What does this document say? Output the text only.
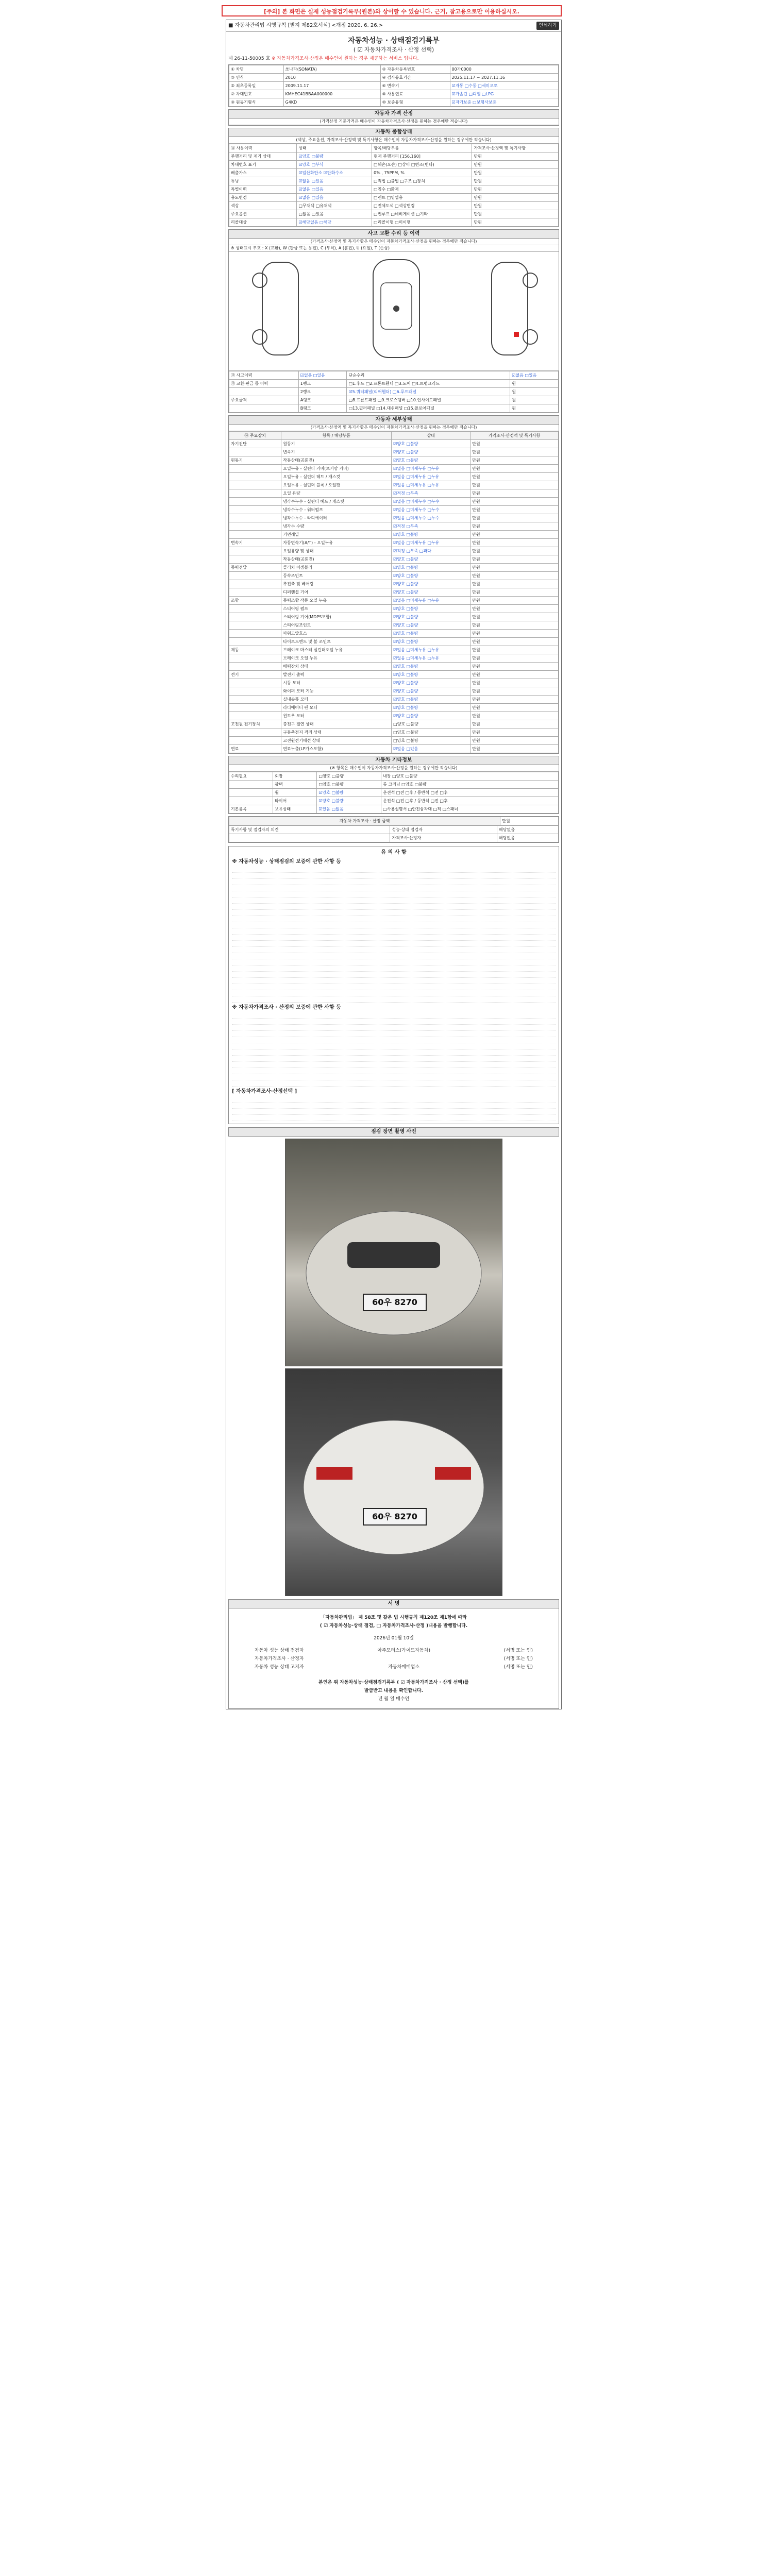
[주의] 본 화면은 실제 성능점검기록부(원본)와 상이할 수 있습니다. 근거, 참고용으로만 이용하십시오.
■ 자동차관리법 시행규칙 [별지 제82호서식] <개정 2020. 6. 26.>	인쇄하기
자동차성능 · 상태점검기록부
( ☑ 자동차가격조사 · 산정 선택)
제 26-11-50005 호 ※ 자동차가격조사·산정은 매수인이 원하는 경우 제공하는 서비스 입니다.
① 차명	쏘나타(SONATA)	② 자동차등록번호	00가0000
③ 연식	2010	④ 검사유효기간	2025.11.17 ~ 2027.11.16
⑤ 최초등록일	2009.11.17	⑥ 변속기	☑자동 □수동 □세미오토
⑦ 차대번호	KMHEC41BBAA000000	⑧ 사용연료	☑가솔린 □디젤 □LPG
⑨ 원동기형식	G4KD	⑩ 보증유형	☑자가보증 □보험사보증
자동차 가격 산정
(가격산정 기준가격은 매수인이 자동차가격조사·산정을 원하는 경우에만 적습니다)
자동차 종합상태
(색상, 주요옵션, 가격조사·산정액 및 특기사항은 매수인이 자동차가격조사·산정을 원하는 경우에만 적습니다)
⑪ 사용이력	상태	항목/해당부품	가격조사·산정액 및 특기사항
주행거리 및 계기 상태	☑양호 □불량	현재 주행거리 [156,160]	만원
차대번호 표기	☑양호 □부식	□훼손(오손) □상이 □변조(변타)	만원
배출가스	☑일산화탄소 ☑탄화수소	0% , 75PPM, %	만원
튜닝	☑없음 □있음	□적법 □불법 □구조 □장치	만원
특별이력	☑없음 □있음	□침수 □화재	만원
용도변경	☑없음 □있음	□렌트 □영업용	만원
색상	□무채색 □유채색	□전체도색 □색상변경	만원
주요옵션	□없음 □있음	□썬루프 □네비게이션 □기타	만원
리콜대상	☑해당없음 □해당	□리콜이행 □미이행	만원
사고 교환 수리 등 이력
(가격조사·산정액 및 특기사항은 매수인이 자동차가격조사·산정을 원하는 경우에만 적습니다)
※ 상태표시 부호 : X (교환), W (판금 또는 용접), C (부식), A (흠집), U (요철), T (손상)
⑫ 사고이력	☑없음 □있음	단순수리	☑없음 □있음
⑬ 교환·판금 등 이력	1랭크	□1.후드 □2.프론트휀더 □3.도어 □4.트렁크리드	원
	2랭크	☑5.쿼터패널(리어휀더) □6.루프패널	원
주요골격	A랭크	□8.프론트패널 □9.크로스멤버 □10.인사이드패널	원
	B랭크	□13.필러패널 □14.대쉬패널 □15.플로어패널	원
자동차 세부상태
(가격조사·산정액 및 특기사항은 매수인이 자동차가격조사·산정을 원하는 경우에만 적습니다)
⑭ 주요장치	항목 / 해당부품	상태	가격조사·산정액 및 특기사항
자기진단	원동기	☑양호 □불량	만원
	변속기	☑양호 □불량	만원
원동기	작동상태(공회전)	☑양호 □불량	만원
	오일누유 - 실린더 커버(로커암 커버)	☑없음 □미세누유 □누유	만원
	오일누유 - 실린더 헤드 / 개스킷	☑없음 □미세누유 □누유	만원
	오일누유 - 실린더 블록 / 오일팬	☑없음 □미세누유 □누유	만원
	오일 유량	☑적정 □부족	만원
	냉각수누수 - 실린더 헤드 / 개스킷	☑없음 □미세누수 □누수	만원
	냉각수누수 - 워터펌프	☑없음 □미세누수 □누수	만원
	냉각수누수 - 라디에이터	☑없음 □미세누수 □누수	만원
	냉각수 수량	☑적정 □부족	만원
	커먼레일	☑양호 □불량	만원
변속기	자동변속기(A/T) - 오일누유	☑없음 □미세누유 □누유	만원
	오일유량 및 상태	☑적정 □부족 □과다	만원
	작동상태(공회전)	☑양호 □불량	만원
동력전달	클러치 어셈블리	☑양호 □불량	만원
	등속조인트	☑양호 □불량	만원
	추진축 및 베어링	☑양호 □불량	만원
	디퍼렌셜 기어	☑양호 □불량	만원
조향	동력조향 작동 오일 누유	☑없음 □미세누유 □누유	만원
	스티어링 펌프	☑양호 □불량	만원
	스티어링 기어(MDPS포함)	☑양호 □불량	만원
	스티어링조인트	☑양호 □불량	만원
	파워고압호스	☑양호 □불량	만원
	타이로드엔드 및 볼 조인트	☑양호 □불량	만원
제동	브레이크 마스터 실린더오일 누유	☑없음 □미세누유 □누유	만원
	브레이크 오일 누유	☑없음 □미세누유 □누유	만원
	배력장치 상태	☑양호 □불량	만원
전기	발전기 출력	☑양호 □불량	만원
	시동 모터	☑양호 □불량	만원
	와이퍼 모터 기능	☑양호 □불량	만원
	실내송풍 모터	☑양호 □불량	만원
	라디에이터 팬 모터	☑양호 □불량	만원
	윈도우 모터	☑양호 □불량	만원
고전원 전기장치	충전구 절연 상태	□양호 □불량	만원
	구동축전지 격리 상태	□양호 □불량	만원
	고전원전기배선 상태	□양호 □불량	만원
연료	연료누출(LP가스포함)	☑없음 □있음	만원
자동차 기타정보
(※ 항목은 매수인이 자동차가격조사·산정을 원하는 경우에만 적습니다)
수리필요	외장	□양호 □불량	내장 □양호 □불량
	광택	□양호 □불량	룸 크리닝 □양호 □불량
	휠	☑양호 □불량	운전석 □전 □후 / 동반석 □전 □후
	타이어	☑양호 □불량	운전석 □전 □후 / 동반석 □전 □후
기본품목	보유상태	☑있음 □없음	□사용설명서 □안전삼각대 □잭 □스패너
자동차 가격조사 · 산정 금액	만원
특기사항 및 점검자의 의견	성능·상태 점검자	해당없음
	가격조사·산정자	해당없음
유 의 사 항
※ 자동차성능 · 상태점검의 보증에 관한 사항 등
※ 자동차가격조사 · 산정의 보증에 관한 사항 등
[ 자동차가격조사·산정선택 ]
점검 장면 촬영 사진
60우 8270
60우 8270
서 명
「자동차관리법」 제 58조 및 같은 법 시행규칙 제120조 제1항에 따라
( ☑ 자동차성능·상태 점검, □ 자동차가격조사·산정 )내용을 발행합니다.
2026년 01월 10일
자동차 성능 상태 점검자	아주모터스(가이드자동차)	(서명 또는 인)
자동차가격조사 · 산정자	(서명 또는 인)
자동차 성능 상태 고지자	자동차매매업소	(서명 또는 인)
본인은 위 자동차성능·상태점검기록부 ( ☑ 자동차가격조사 · 산정 선택)를
발급받고 내용을 확인합니다.
년 월 일 매수인
